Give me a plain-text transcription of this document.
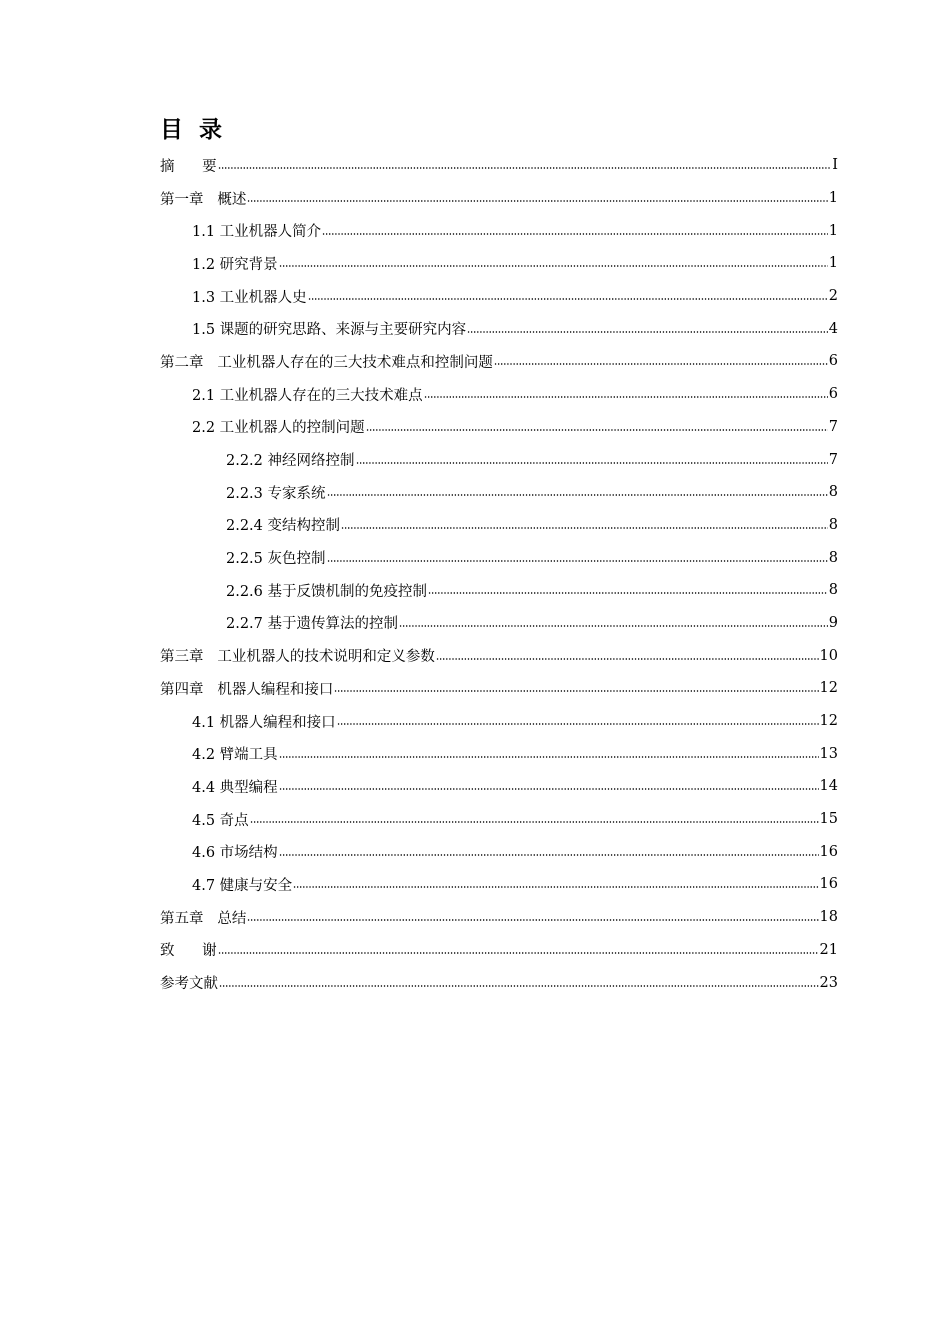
目 录
摘      要	I
第一章   概述	1
1.1 工业机器人简介	1
1.2 研究背景	1
1.3 工业机器人史	2
1.5 课题的研究思路、来源与主要研究内容	4
第二章   工业机器人存在的三大技术难点和控制问题	6
2.1 工业机器人存在的三大技术难点	6
2.2 工业机器人的控制问题	7
2.2.2 神经网络控制	7
2.2.3 专家系统	8
2.2.4 变结构控制	8
2.2.5 灰色控制	8
2.2.6 基于反馈机制的免疫控制	8
2.2.7 基于遗传算法的控制	9
第三章   工业机器人的技术说明和定义参数	10
第四章   机器人编程和接口	12
4.1 机器人编程和接口	12
4.2 臂端工具	13
4.4 典型编程	14
4.5 奇点	15
4.6 市场结构	16
4.7 健康与安全	16
第五章   总结	18
致      谢	21
参考文献	23
